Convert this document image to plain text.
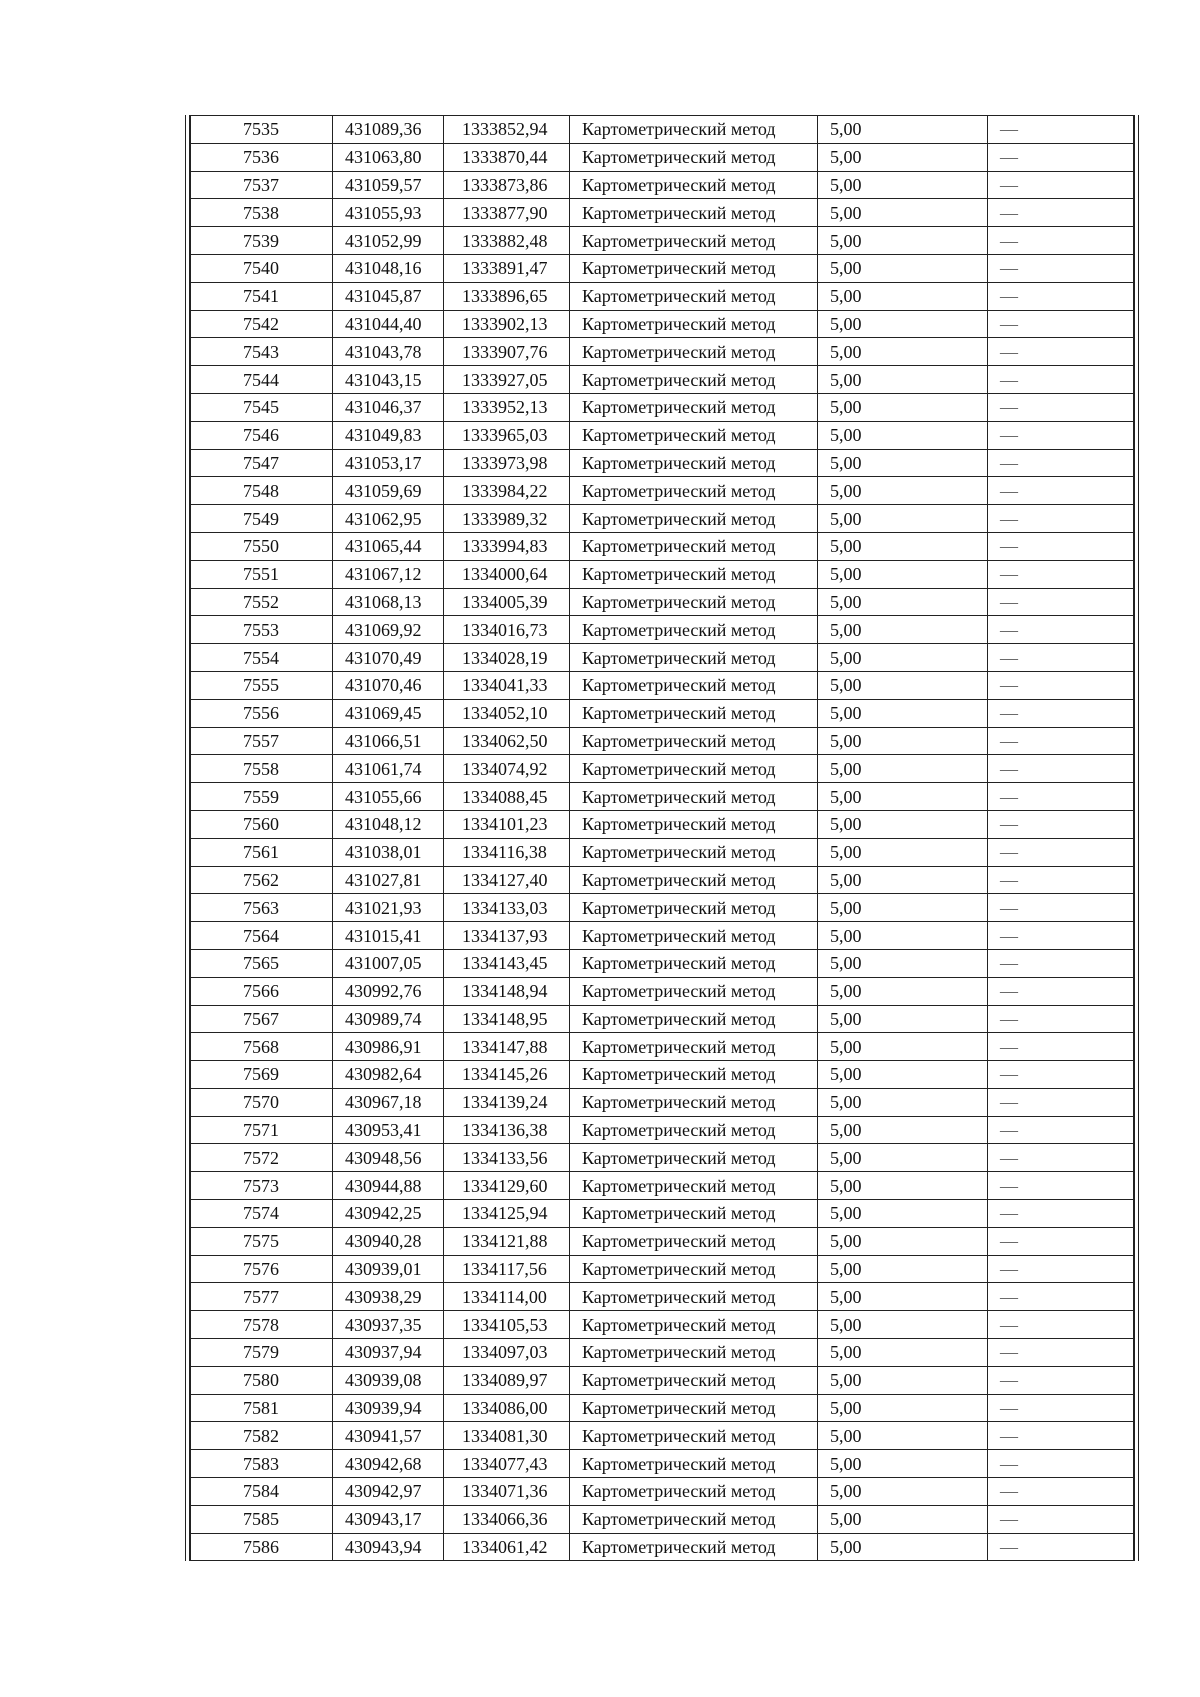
7535	431089,36	1333852,94	Картометрический метод	5,00	—
7536	431063,80	1333870,44	Картометрический метод	5,00	—
7537	431059,57	1333873,86	Картометрический метод	5,00	—
7538	431055,93	1333877,90	Картометрический метод	5,00	—
7539	431052,99	1333882,48	Картометрический метод	5,00	—
7540	431048,16	1333891,47	Картометрический метод	5,00	—
7541	431045,87	1333896,65	Картометрический метод	5,00	—
7542	431044,40	1333902,13	Картометрический метод	5,00	—
7543	431043,78	1333907,76	Картометрический метод	5,00	—
7544	431043,15	1333927,05	Картометрический метод	5,00	—
7545	431046,37	1333952,13	Картометрический метод	5,00	—
7546	431049,83	1333965,03	Картометрический метод	5,00	—
7547	431053,17	1333973,98	Картометрический метод	5,00	—
7548	431059,69	1333984,22	Картометрический метод	5,00	—
7549	431062,95	1333989,32	Картометрический метод	5,00	—
7550	431065,44	1333994,83	Картометрический метод	5,00	—
7551	431067,12	1334000,64	Картометрический метод	5,00	—
7552	431068,13	1334005,39	Картометрический метод	5,00	—
7553	431069,92	1334016,73	Картометрический метод	5,00	—
7554	431070,49	1334028,19	Картометрический метод	5,00	—
7555	431070,46	1334041,33	Картометрический метод	5,00	—
7556	431069,45	1334052,10	Картометрический метод	5,00	—
7557	431066,51	1334062,50	Картометрический метод	5,00	—
7558	431061,74	1334074,92	Картометрический метод	5,00	—
7559	431055,66	1334088,45	Картометрический метод	5,00	—
7560	431048,12	1334101,23	Картометрический метод	5,00	—
7561	431038,01	1334116,38	Картометрический метод	5,00	—
7562	431027,81	1334127,40	Картометрический метод	5,00	—
7563	431021,93	1334133,03	Картометрический метод	5,00	—
7564	431015,41	1334137,93	Картометрический метод	5,00	—
7565	431007,05	1334143,45	Картометрический метод	5,00	—
7566	430992,76	1334148,94	Картометрический метод	5,00	—
7567	430989,74	1334148,95	Картометрический метод	5,00	—
7568	430986,91	1334147,88	Картометрический метод	5,00	—
7569	430982,64	1334145,26	Картометрический метод	5,00	—
7570	430967,18	1334139,24	Картометрический метод	5,00	—
7571	430953,41	1334136,38	Картометрический метод	5,00	—
7572	430948,56	1334133,56	Картометрический метод	5,00	—
7573	430944,88	1334129,60	Картометрический метод	5,00	—
7574	430942,25	1334125,94	Картометрический метод	5,00	—
7575	430940,28	1334121,88	Картометрический метод	5,00	—
7576	430939,01	1334117,56	Картометрический метод	5,00	—
7577	430938,29	1334114,00	Картометрический метод	5,00	—
7578	430937,35	1334105,53	Картометрический метод	5,00	—
7579	430937,94	1334097,03	Картометрический метод	5,00	—
7580	430939,08	1334089,97	Картометрический метод	5,00	—
7581	430939,94	1334086,00	Картометрический метод	5,00	—
7582	430941,57	1334081,30	Картометрический метод	5,00	—
7583	430942,68	1334077,43	Картометрический метод	5,00	—
7584	430942,97	1334071,36	Картометрический метод	5,00	—
7585	430943,17	1334066,36	Картометрический метод	5,00	—
7586	430943,94	1334061,42	Картометрический метод	5,00	—
